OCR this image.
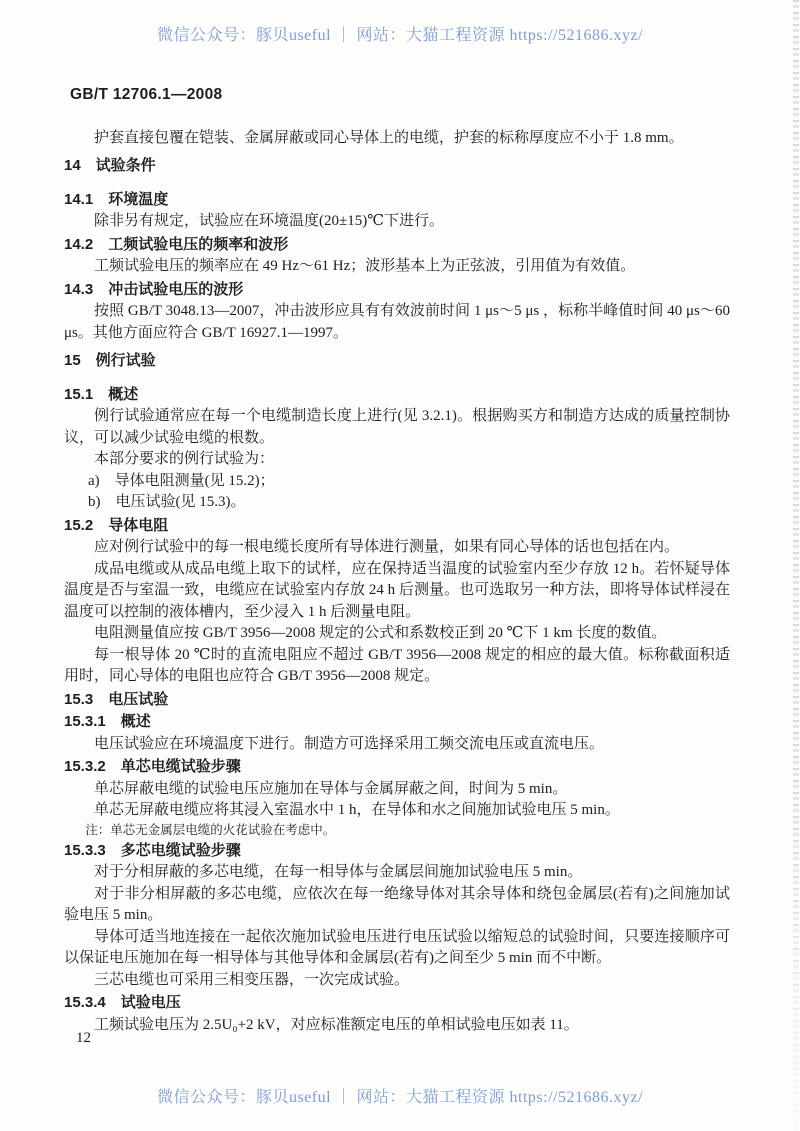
微信公众号：豚贝useful ｜ 网站：大猫工程资源 https://521686.xyz/
GB/T 12706.1—2008

护套直接包覆在铠装、金属屏蔽或同心导体上的电缆，护套的标称厚度应不小于 1.8 mm。

14　试验条件

14.1　环境温度

除非另有规定，试验应在环境温度(20±15)℃下进行。

14.2　工频试验电压的频率和波形

工频试验电压的频率应在 49 Hz～61 Hz；波形基本上为正弦波，引用值为有效值。

14.3　冲击试验电压的波形

按照 GB/T 3048.13—2007，冲击波形应具有有效波前时间 1 μs～5 μs ，标称半峰值时间 40 μs～60 μs。其他方面应符合 GB/T 16927.1—1997。

15　例行试验

15.1　概述

例行试验通常应在每一个电缆制造长度上进行(见 3.2.1)。根据购买方和制造方达成的质量控制协议，可以减少试验电缆的根数。

本部分要求的例行试验为：

a)　导体电阻测量(见 15.2)；

b)　电压试验(见 15.3)。

15.2　导体电阻

应对例行试验中的每一根电缆长度所有导体进行测量，如果有同心导体的话也包括在内。

成品电缆或从成品电缆上取下的试样，应在保持适当温度的试验室内至少存放 12 h。若怀疑导体温度是否与室温一致，电缆应在试验室内存放 24 h 后测量。也可选取另一种方法，即将导体试样浸在温度可以控制的液体槽内，至少浸入 1 h 后测量电阻。

电阻测量值应按 GB/T 3956—2008 规定的公式和系数校正到 20 ℃下 1 km 长度的数值。

每一根导体 20 ℃时的直流电阻应不超过 GB/T 3956—2008 规定的相应的最大值。标称截面积适用时，同心导体的电阻也应符合 GB/T 3956—2008 规定。

15.3　电压试验

15.3.1　概述

电压试验应在环境温度下进行。制造方可选择采用工频交流电压或直流电压。

15.3.2　单芯电缆试验步骤

单芯屏蔽电缆的试验电压应施加在导体与金属屏蔽之间，时间为 5 min。

单芯无屏蔽电缆应将其浸入室温水中 1 h，在导体和水之间施加试验电压 5 min。

注：单芯无金属层电缆的火花试验在考虑中。

15.3.3　多芯电缆试验步骤

对于分相屏蔽的多芯电缆，在每一相导体与金属层间施加试验电压 5 min。

对于非分相屏蔽的多芯电缆，应依次在每一绝缘导体对其余导体和绕包金属层(若有)之间施加试验电压 5 min。

导体可适当地连接在一起依次施加试验电压进行电压试验以缩短总的试验时间，只要连接顺序可以保证电压施加在每一相导体与其他导体和金属层(若有)之间至少 5 min 而不中断。

三芯电缆也可采用三相变压器，一次完成试验。

15.3.4　试验电压

工频试验电压为 2.5U₀+2 kV，对应标准额定电压的单相试验电压如表 11。

12
微信公众号：豚贝useful ｜ 网站：大猫工程资源 https://521686.xyz/
